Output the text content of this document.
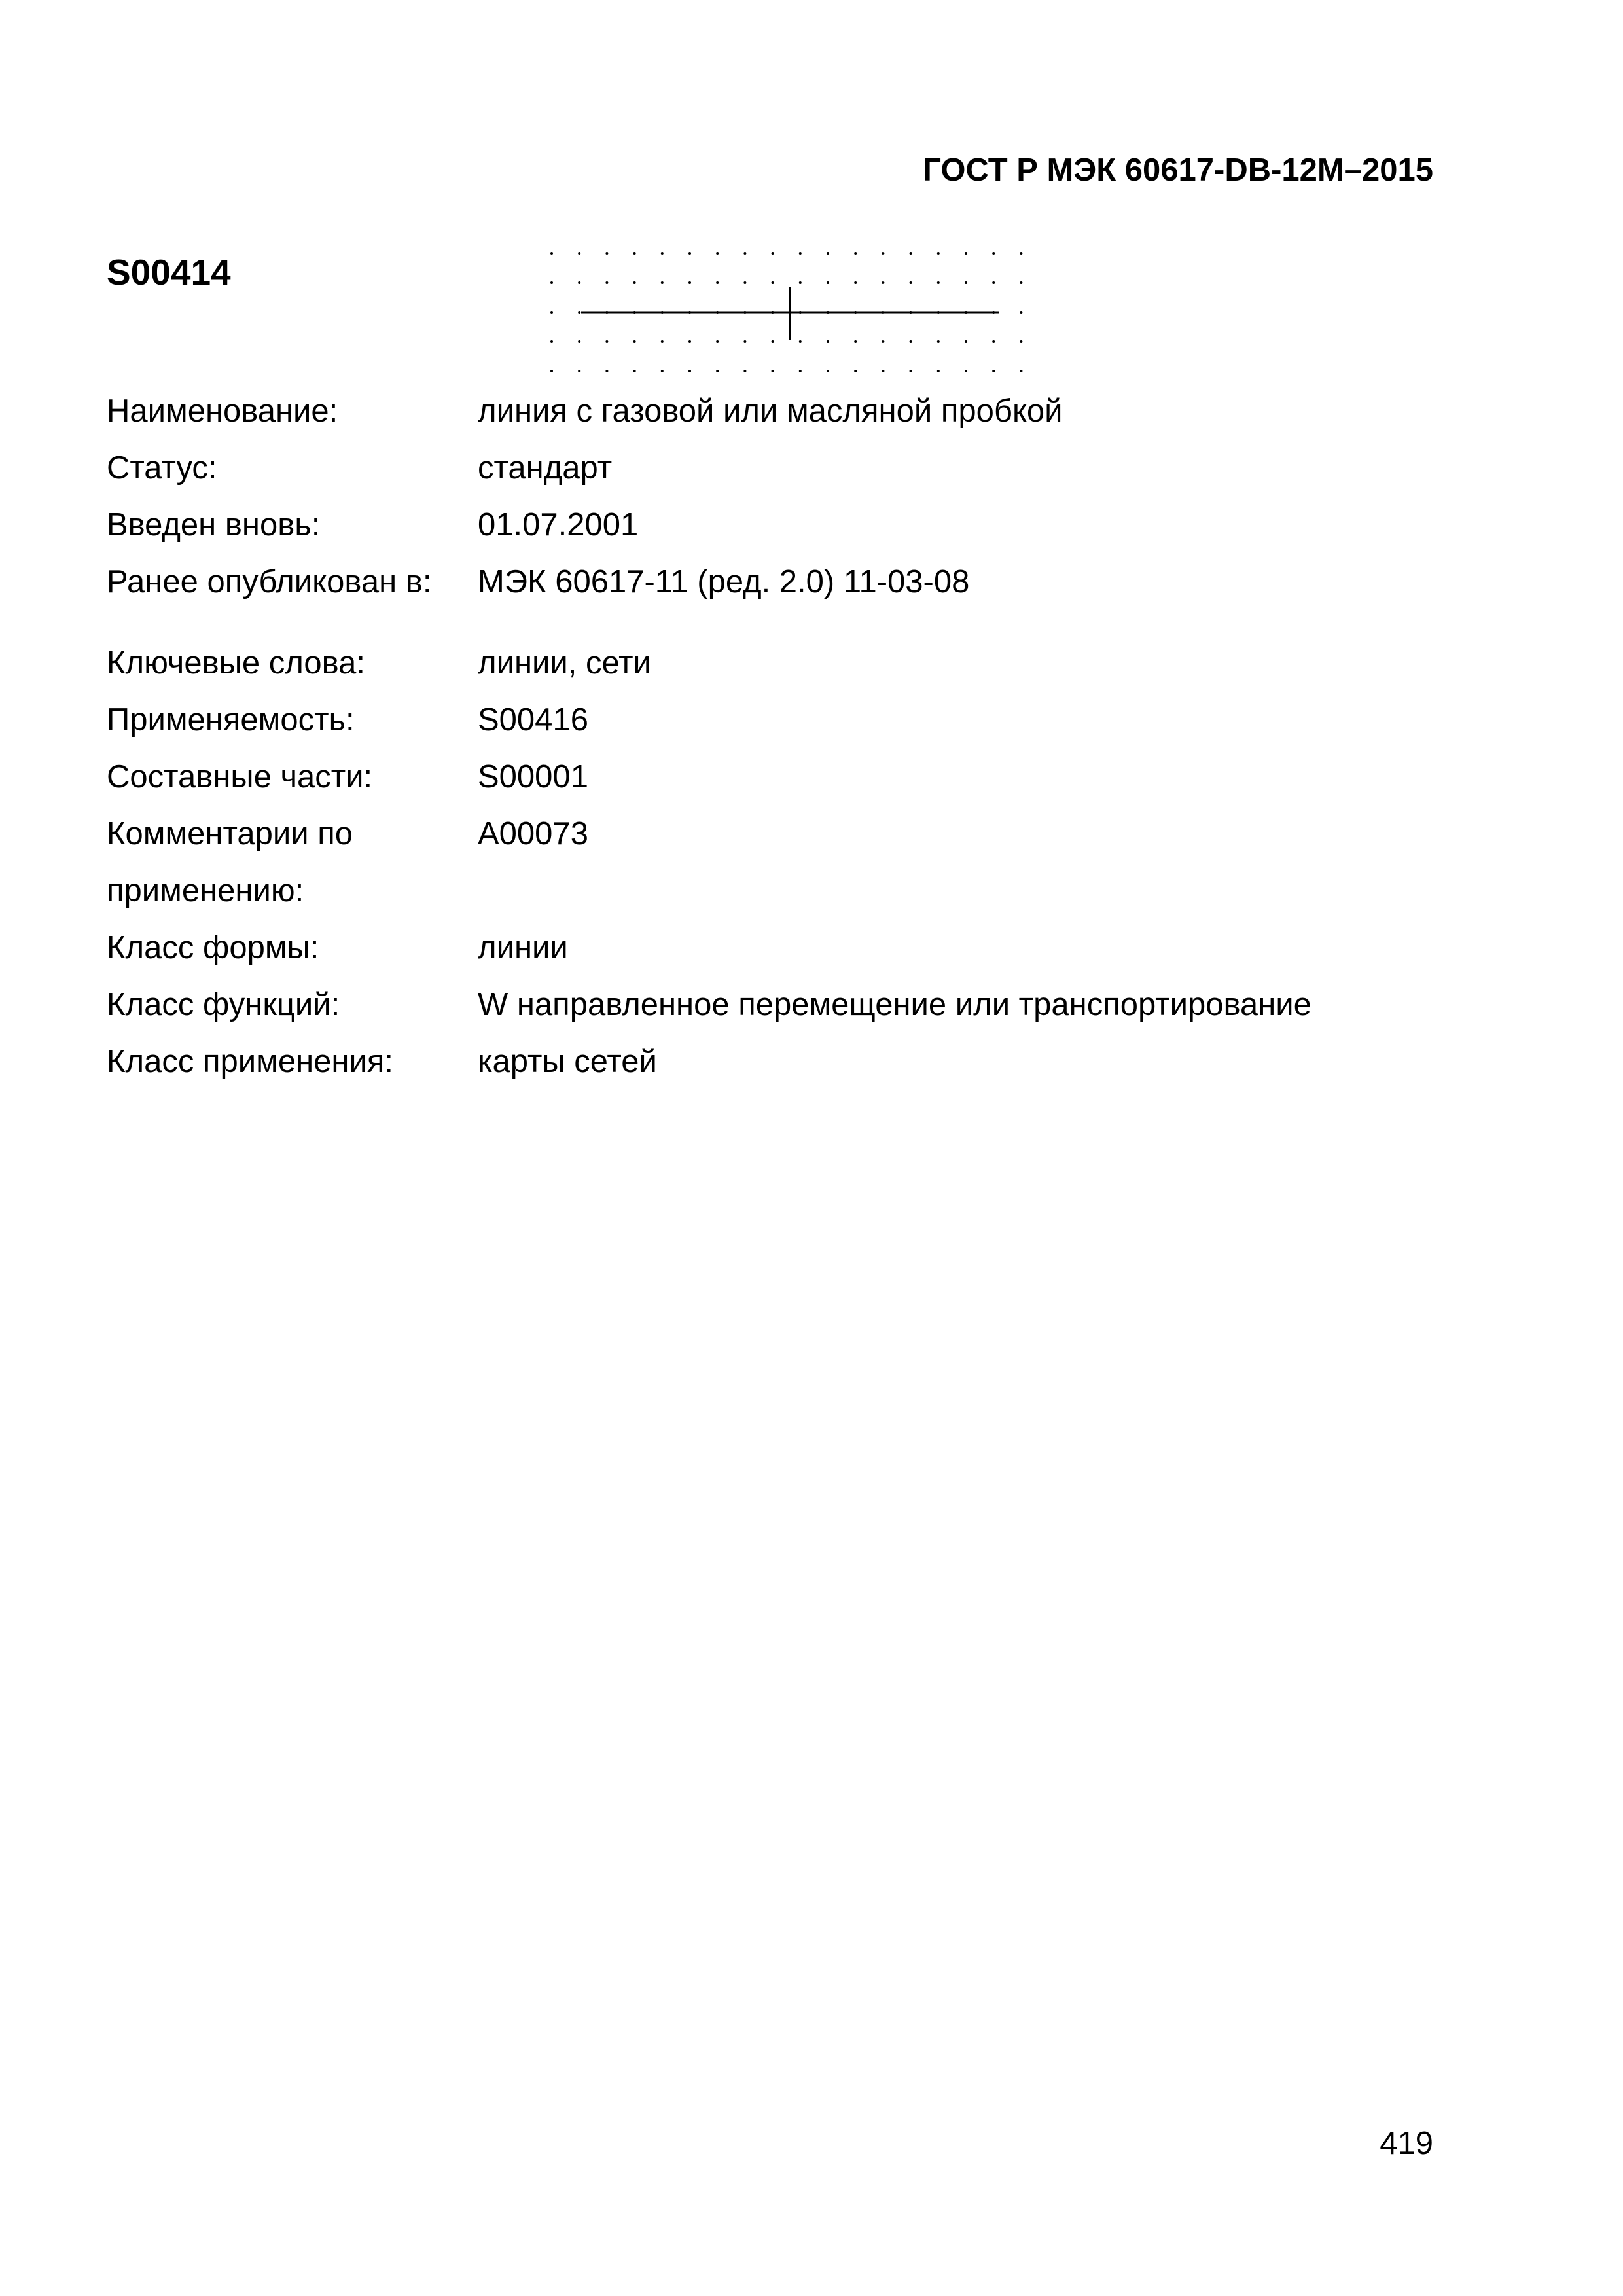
ГОСТ Р МЭК 60617-DB-12M–2015
S00414
Наименование:	линия с газовой или масляной пробкой
Статус:	стандарт
Введен вновь:	01.07.2001
Ранее опубликован в:	МЭК 60617-11 (ред. 2.0) 11-03-08
Ключевые слова:	линии, сети
Применяемость:	S00416
Составные части:	S00001
Комментарии по применению:
A00073
Класс формы:	линии
Класс функций:	W направленное перемещение или транспортирование
Класс применения:	карты сетей
419
